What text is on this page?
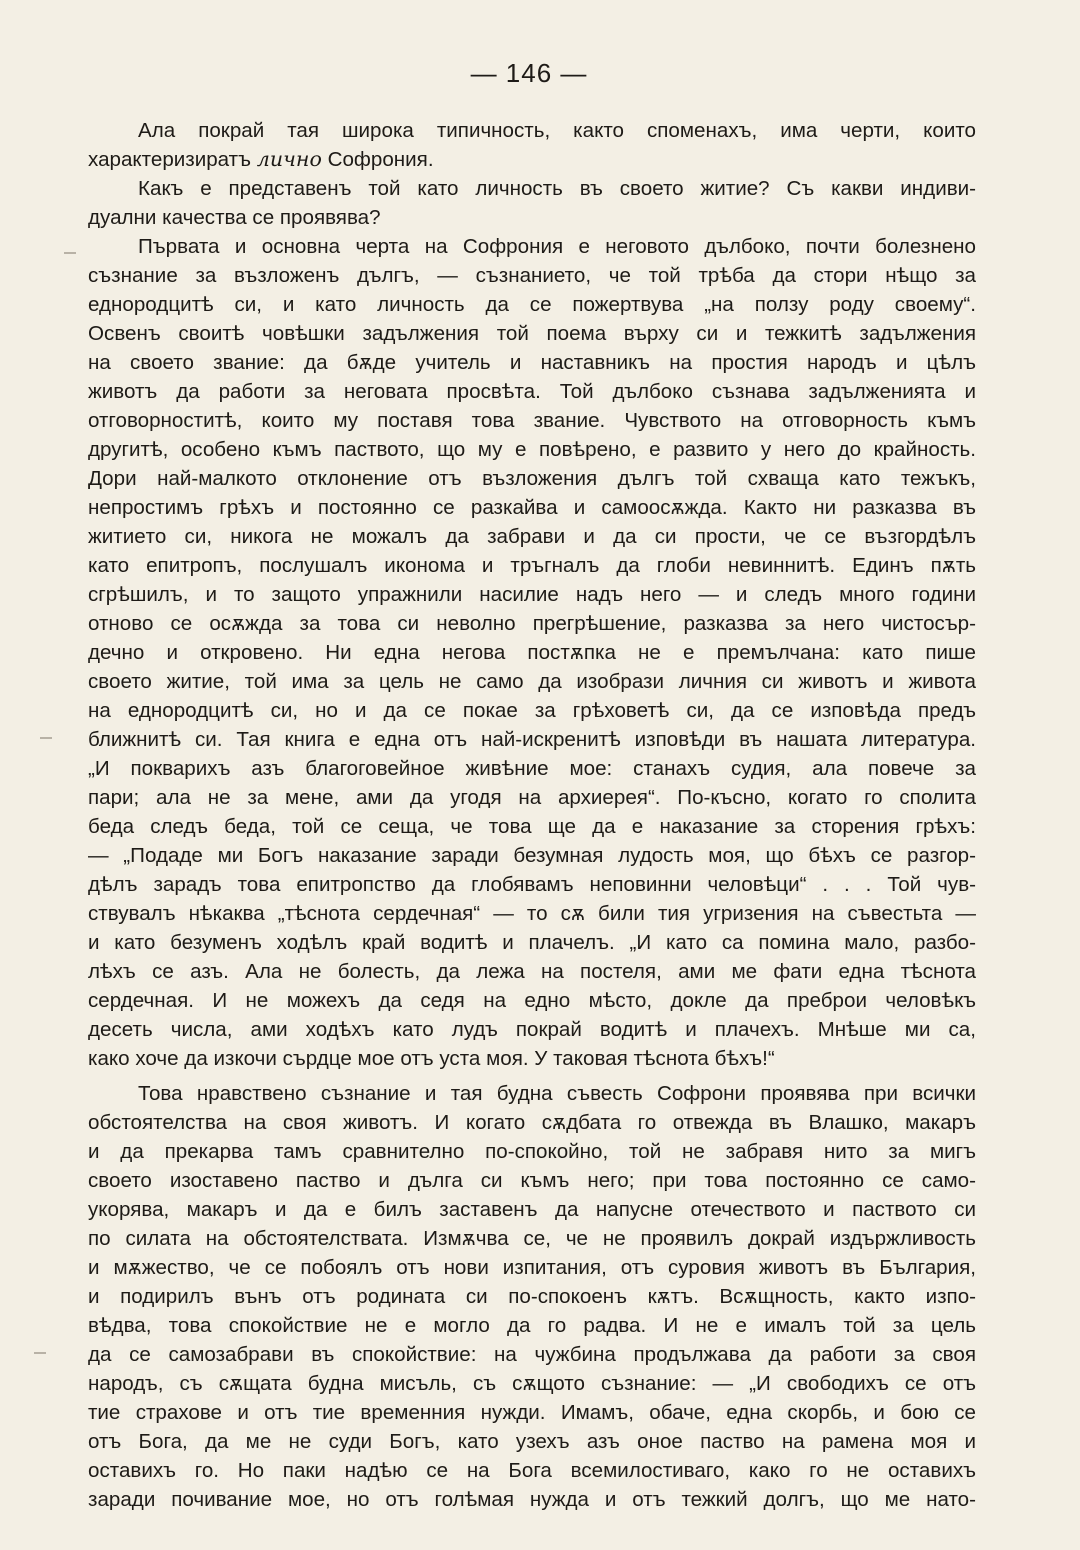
— 146 —
Ала покрай тая широка типичность, както споменахъ, има черти, които
характеризиратъ лично Софрония.
Какъ е представенъ той като личность въ своето житие? Съ какви индиви-
дуални качества се проявява?
Първата и основна черта на Софрония е неговото дълбоко, почти болезнено
съзнание за възложенъ дългъ, — съзнанието, че той трѣба да стори нѣщо за
еднородцитѣ си, и като личность да се пожертвува „на ползу роду своему“.
Освенъ своитѣ човѣшки задължения той поема върху си и тежкитѣ задължения
на своето звание: да бѫде учитель и наставникъ на простия народъ и цѣлъ
животъ да работи за неговата просвѣта. Той дълбоко съзнава задълженията и
отговорноститѣ, които му поставя това звание. Чувството на отговорность къмъ
другитѣ, особено къмъ паството, що му е повѣрено, е развито у него до крайность.
Дори най-малкото отклонение отъ възложения дългъ той схваща като тежъкъ,
непростимъ грѣхъ и постоянно се разкайва и самоосѫжда. Както ни разказва въ
житиeто си, никога не можалъ да забрави и да си прости, че се възгордѣлъ
като епитропъ, послушалъ иконома и тръгналъ да глоби невиннитѣ. Единъ пѫть
сгрѣшилъ, и то защото упражнили насилие надъ него — и следъ много години
отново се осѫжда за това си неволно прегрѣшение, разказва за него чистосър-
дечно и откровено. Ни една негова постѫпка не е премълчана: като пише
своето житие, той има за цель не само да изобрази личния си животъ и живота
на еднородцитѣ си, но и да се покае за грѣховетѣ си, да се изповѣда предъ
ближнитѣ си. Тая книга е една отъ най-искренитѣ изповѣди въ нашата литература.
„И покварихъ азъ благоговейное живѣние мое: станахъ судия, ала повече за
пари; ала не за мене, ами да угодя на архиерея“. По-късно, когато го сполита
беда следъ беда, той се сеща, че това ще да е наказание за сторения грѣхъ:
— „Подаде ми Богъ наказание заради безумная лудость моя, що бѣхъ се разгор-
дѣлъ зарадъ това епитропство да глобявамъ неповинни человѣци“ . . . Той чув-
ствувалъ нѣкаква „тѣснота сердечная“ — то сѫ били тия угризения на съвестьта —
и като безуменъ ходѣлъ край водитѣ и плачелъ. „И като са помина мало, разбо-
лѣхъ се азъ. Ала не болесть, да лежа на постеля, ами ме фати една тѣснота
сердечная. И не можехъ да седя на едно мѣсто, докле да преброи человѣкъ
десеть числа, ами ходѣхъ като лудъ покрай водитѣ и плачехъ. Мнѣше ми са,
како хоче да изкочи сърдце мое отъ уста моя. У таковая тѣснота бѣхъ!“
Това нравствено съзнание и тая будна съвесть Софрони проявява при всички
обстоятелства на своя животъ. И когато сѫдбата го отвежда въ Влашко, макаръ
и да прекарва тамъ сравнително по-спокойно, той не забравя нито за мигъ
своето изоставено паство и дълга си къмъ него; при това постоянно се само-
укорява, макаръ и да е билъ заставенъ да напусне отечеството и паството си
по силата на обстоятелствата. Измѫчва се, че не проявилъ докрай издържливость
и мѫжество, че се побоялъ отъ нови изпитания, отъ суровия животъ въ България,
и подирилъ вънъ отъ родината си по-спокоенъ кѫтъ. Всѫщность, както изпо-
вѣдва, това спокойствие не е могло да го радва. И не е ималъ той за цель
да се самозабрави въ спокойствие: на чужбина продължава да работи за своя
народъ, съ сѫщата будна мисъль, съ сѫщото съзнание: — „И свободихъ се отъ
тие страхове и отъ тие временния нужди. Имамъ, обаче, една скорбь, и бою се
отъ Бога, да ме не суди Богъ, като узехъ азъ оное паство на рамена моя и
оставихъ го. Но паки надѣю се на Бога всемилостиваго, како го не оставихъ
заради почивание мое, но отъ голѣмая нужда и отъ тежкий долгъ, що ме нато-
